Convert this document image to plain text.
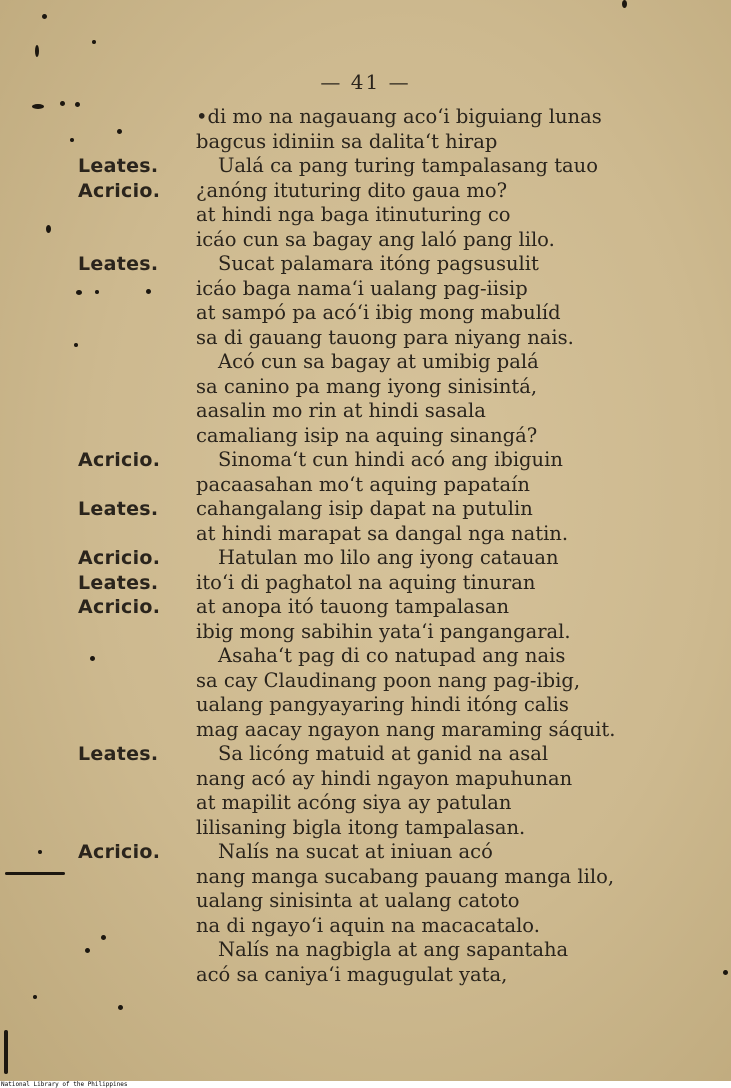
— 41 —
•di mo na nagauang aco‘i biguiang lunas
bagcus idiniin sa dalita‘t hirap
Leates.	Ualá ca pang turing tampalasang tauo
Acricio. ¿anóng ituturing dito gaua mo?
at hindi nga baga itinuturing co
icáo cun sa bagay ang laló pang lilo.
Leates.	Sucat palamara itóng pagsusulit
icáo baga nama‘i ualang pag-iisip
at sampó pa acó‘i ibig mong mabulíd
sa di gauang tauong para niyang nais.
Acó cun sa bagay at umibig palá
sa canino pa mang iyong sinisintá,
aasalin mo rin at hindi sasala
camaliang isip na aquing sinangá?
Acricio.	Sinoma‘t cun hindi acó ang ibiguin
pacaasahan mo‘t aquing papataín
Leates. cahangalang isip dapat na putulin
at hindi marapat sa dangal nga natin.
Acricio.	Hatulan mo lilo ang iyong catauan
Leates. ito‘i di paghatol na aquing tinuran
Acricio. at anopa itó tauong tampalasan
ibig mong sabihin yata‘i pangangaral.
Asaha‘t pag di co natupad ang nais
sa cay Claudinang poon nang pag-ibig,
ualang pangyayaring hindi itóng calis
mag aacay ngayon nang maraming sáquit.
Leates.	Sa licóng matuid at ganid na asal
nang acó ay hindi ngayon mapuhunan
at mapilit acóng siya ay patulan
lilisaning bigla itong tampalasan.
Acricio.	Nalís na sucat at iniuan acó
nang manga sucabang pauang manga lilo,
ualang sinisinta at ualang catoto
na di ngayo‘i aquin na macacatalo.
Nalís na nagbigla at ang sapantaha
acó sa caniya‘i magugulat yata,
National Library of the Philippines
